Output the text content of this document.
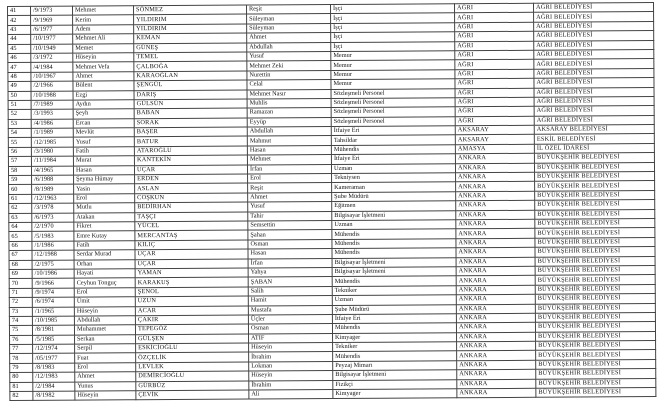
41	/9/1973	Mehmet	SÖNMEZ	Reşit	İşçi	AĞRI	AĞRI BELEDİYESİ
42	/9/1969	Kerim	YILDIRIM	Süleyman	İşçi	AĞRI	AĞRI BELEDİYESİ
43	/6/1977	Adem	YILDIRIM	Süleyman	İşçi	AĞRI	AĞRI BELEDİYESİ
44	/10/1977	Mehmet Ali	KEMAN	Ahmet	İşçi	AĞRI	AĞRI BELEDİYESİ
45	/10/1949	Memet	GÜNEŞ	Abdullah	İşçi	AĞRI	AĞRI BELEDİYESİ
46	/3/1972	Hüseyin	TEMEL	Yusuf	Memur	AĞRI	AĞRI BELEDİYESİ
47	/4/1984	Mehmet Vefa	ÇALBOĞA	Mehmet Zeki	Memur	AĞRI	AĞRI BELEDİYESİ
48	/10/1967	Ahmet	KARAOĞLAN	Nurettin	Memur	AĞRI	AĞRI BELEDİYESİ
49	/2/1966	Bülent	ŞENGÜL	Celal	Memur	AĞRI	AĞRI BELEDİYESİ
50	/10/1988	Ezgi	DARIŞ	Mehmet Nasır	Sözleşmeli Personel	AĞRI	AĞRI BELEDİYESİ
51	/7/1989	Aydın	GÜLSÜN	Muhlis	Sözleşmeli Personel	AĞRI	AĞRI BELEDİYESİ
52	/3/1993	Şeyh	BABAN	Ramazan	Sözleşmeli Personel	AĞRI	AĞRI BELEDİYESİ
53	/4/1986	Ercan	SORAK	Eyyüp	Sözleşmeli Personel	AĞRI	AĞRI BELEDİYESİ
54	/1/1989	Mevlüt	BAŞER	Abdullah	İtfaiye Eri	AKSARAY	AKSARAY BELEDİYESİ
55	/12/1985	Yusuf	BATUR	Mahmut	Tahsildar	AKSARAY	ESKİL BELEDİYESİ
56	/3/1980	Fatih	ATAROĞLU	Hasan	Mühendis	AMASYA	İL ÖZEL İDARESİ
57	/11/1984	Murat	KANTEKİN	Mehmet	İtfaiye Eri	ANKARA	BÜYÜKŞEHİR BELEDİYESİ
58	/4/1965	Hasan	UÇAR	İrfan	Uzman	ANKARA	BÜYÜKŞEHİR BELEDİYESİ
59	/6/1988	Şeyma Hümay	ERDEN	Erol	Tekniysen	ANKARA	BÜYÜKŞEHİR BELEDİYESİ
60	/8/1989	Yasin	ASLAN	Reşit	Kameraman	ANKARA	BÜYÜKŞEHİR BELEDİYESİ
61	/12/1963	Erol	COŞKUN	Ahmet	Şube Müdürü	ANKARA	BÜYÜKŞEHİR BELEDİYESİ
62	/3/1978	Mutlu	BEDİRHAN	Yusuf	Eğitmen	ANKARA	BÜYÜKŞEHİR BELEDİYESİ
63	/6/1973	Atakan	TAŞÇI	Tahir	Bilgisayar İşletmeni	ANKARA	BÜYÜKŞEHİR BELEDİYESİ
64	/2/1970	Fikret	YÜCEL	Semsettin	Uzman	ANKARA	BÜYÜKŞEHİR BELEDİYESİ
65	/5/1983	Emre Kutay	MERCANTAŞ	Şahan	Mühendis	ANKARA	BÜYÜKŞEHİR BELEDİYESİ
66	/1/1986	Fatih	KILIÇ	Osman	Mühendis	ANKARA	BÜYÜKŞEHİR BELEDİYESİ
67	/12/1988	Serdar Murad	UÇAR	Hasan	Mühendis	ANKARA	BÜYÜKŞEHİR BELEDİYESİ
68	/2/1975	Orhan	UÇAR	İrfan	Bilgisayar İşletmeni	ANKARA	BÜYÜKŞEHİR BELEDİYESİ
69	/10/1986	Hayati	YAMAN	Yahya	Bilgisayar İşletmeni	ANKARA	BÜYÜKŞEHİR BELEDİYESİ
70	/9/1966	Ceyhun Tonguç	KARAKUŞ	ŞABAN	Mühendis	ANKARA	BÜYÜKŞEHİR BELEDİYESİ
71	/9/1974	Erol	ŞENOL	Salih	Tekniker	ANKARA	BÜYÜKŞEHİR BELEDİYESİ
72	/6/1974	Ümit	UZUN	Hamit	Uzman	ANKARA	BÜYÜKŞEHİR BELEDİYESİ
73	/1/1965	Hüseyin	ACAR	Mustafa	Şube Müdürü	ANKARA	BÜYÜKŞEHİR BELEDİYESİ
74	/10/1985	Abdullah	ÇAKIR	Üçler	İtfaiye Eri	ANKARA	BÜYÜKŞEHİR BELEDİYESİ
75	/8/1981	Muhammet	TEPEGÖZ	Osman	Mühendis	ANKARA	BÜYÜKŞEHİR BELEDİYESİ
76	/5/1985	Serkan	GÜLŞEN	ATIF	Kimyager	ANKARA	BÜYÜKŞEHİR BELEDİYESİ
77	/12/1974	Serpil	ESKİCİOĞLU	Hüseyin	Tekniker	ANKARA	BÜYÜKŞEHİR BELEDİYESİ
78	/05/1977	Fuat	ÖZÇELİK	İbrahim	Mühendis	ANKARA	BÜYÜKŞEHİR BELEDİYESİ
79	/8/1983	Erol	LEVLEK	Lokman	Peyzaj Mimarı	ANKARA	BÜYÜKŞEHİR BELEDİYESİ
80	/12/1983	Ahmet	DEMİRCİOĞLU	Hüseyin	Bilgisayar İşletmeni	ANKARA	BÜYÜKŞEHİR BELEDİYESİ
81	/2/1984	Yunus	GÜRBÜZ	İbrahim	Fizikçi	ANKARA	BÜYÜKŞEHİR BELEDİYESİ
82	/8/1982	Hüseyin	ÇEVİK	Ali	Kimyager	ANKARA	BÜYÜKŞEHİR BELEDİYESİ
